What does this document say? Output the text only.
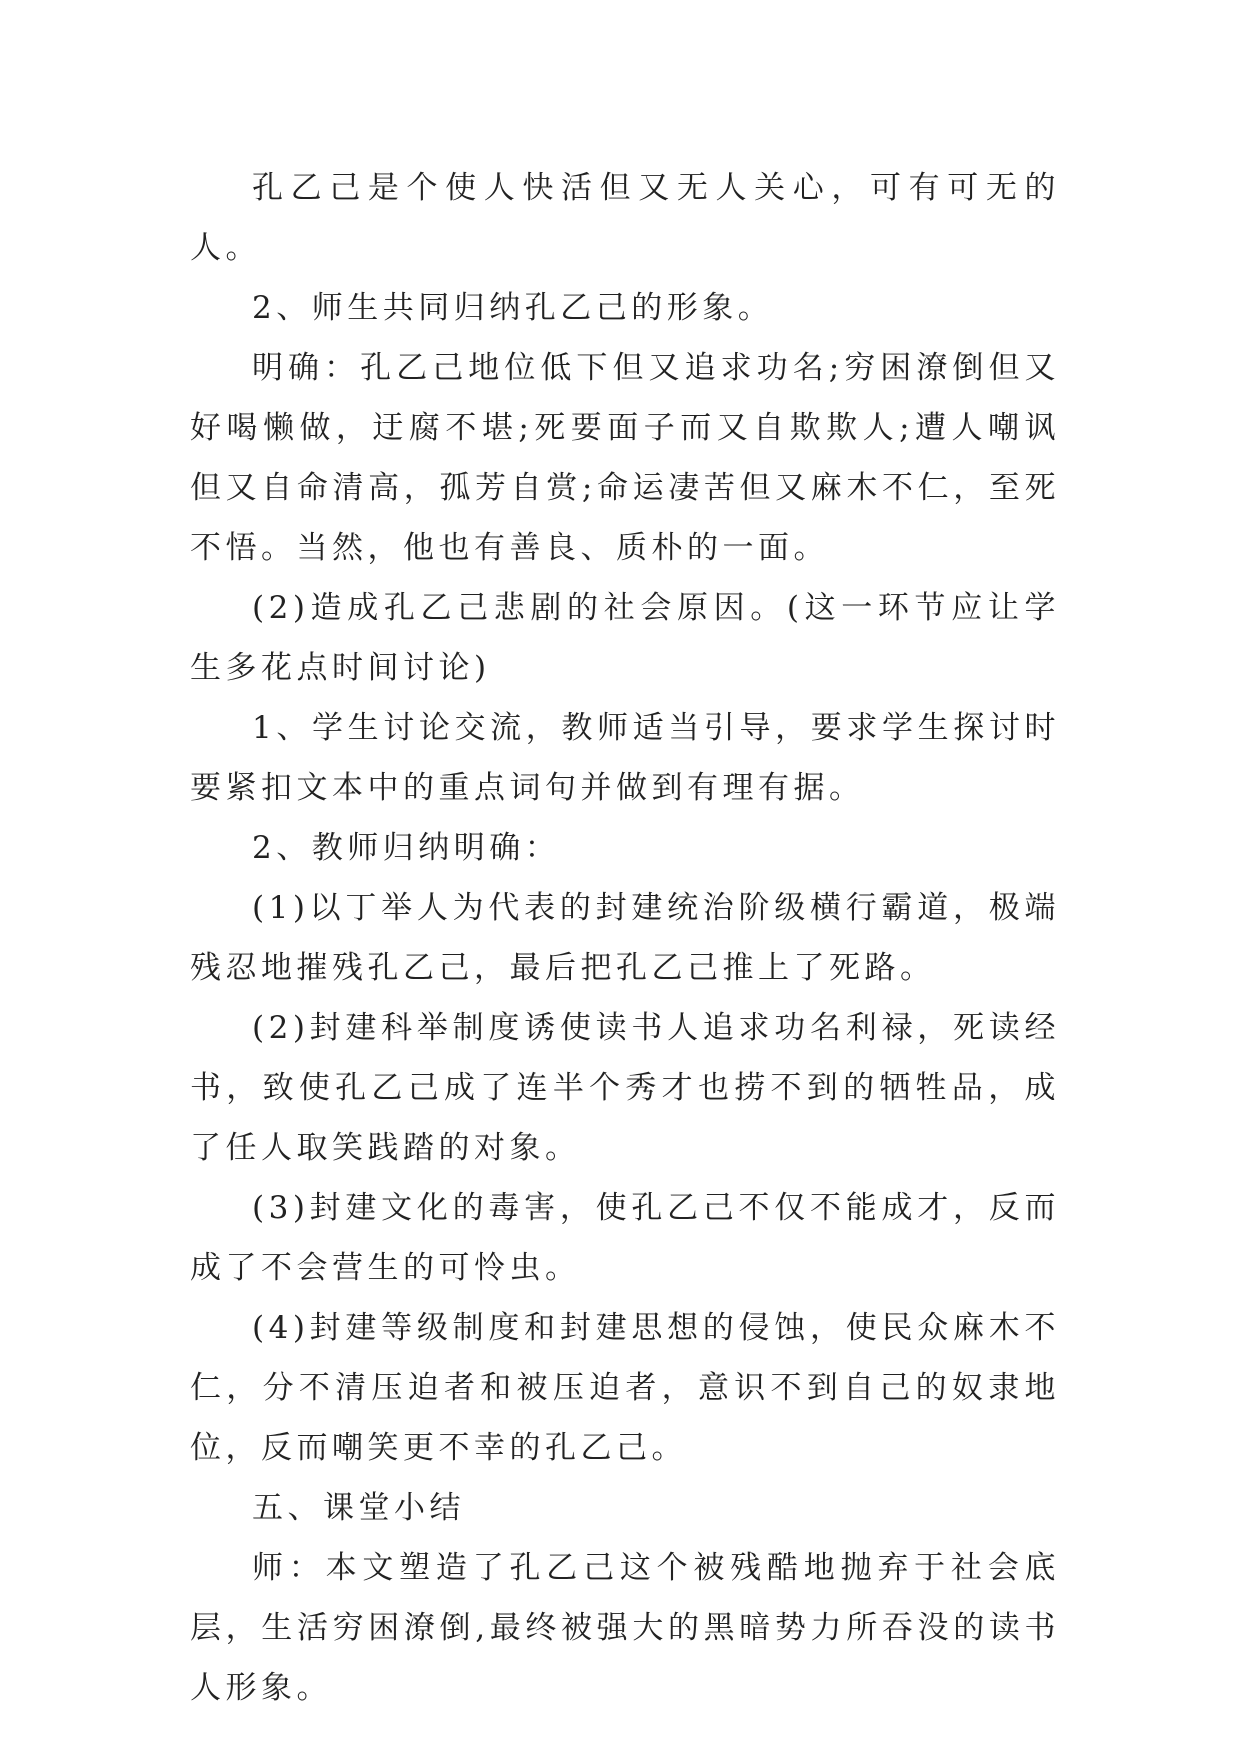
孔乙己是个使人快活但又无人关心，可有可无的人。

2、师生共同归纳孔乙己的形象。

明确：孔乙己地位低下但又追求功名;穷困潦倒但又好喝懒做，迂腐不堪;死要面子而又自欺欺人;遭人嘲讽但又自命清高，孤芳自赏;命运凄苦但又麻木不仁，至死不悟。当然，他也有善良、质朴的一面。

(2)造成孔乙己悲剧的社会原因。(这一环节应让学生多花点时间讨论)

1、学生讨论交流，教师适当引导，要求学生探讨时要紧扣文本中的重点词句并做到有理有据。

2、教师归纳明确：

(1)以丁举人为代表的封建统治阶级横行霸道，极端残忍地摧残孔乙己，最后把孔乙己推上了死路。

(2)封建科举制度诱使读书人追求功名利禄，死读经书，致使孔乙己成了连半个秀才也捞不到的牺牲品，成了任人取笑践踏的对象。

(3)封建文化的毒害，使孔乙己不仅不能成才，反而成了不会营生的可怜虫。

(4)封建等级制度和封建思想的侵蚀，使民众麻木不仁，分不清压迫者和被压迫者，意识不到自己的奴隶地位，反而嘲笑更不幸的孔乙己。

五、课堂小结

师：本文塑造了孔乙己这个被残酷地抛弃于社会底层，生活穷困潦倒,最终被强大的黑暗势力所吞没的读书人形象。
